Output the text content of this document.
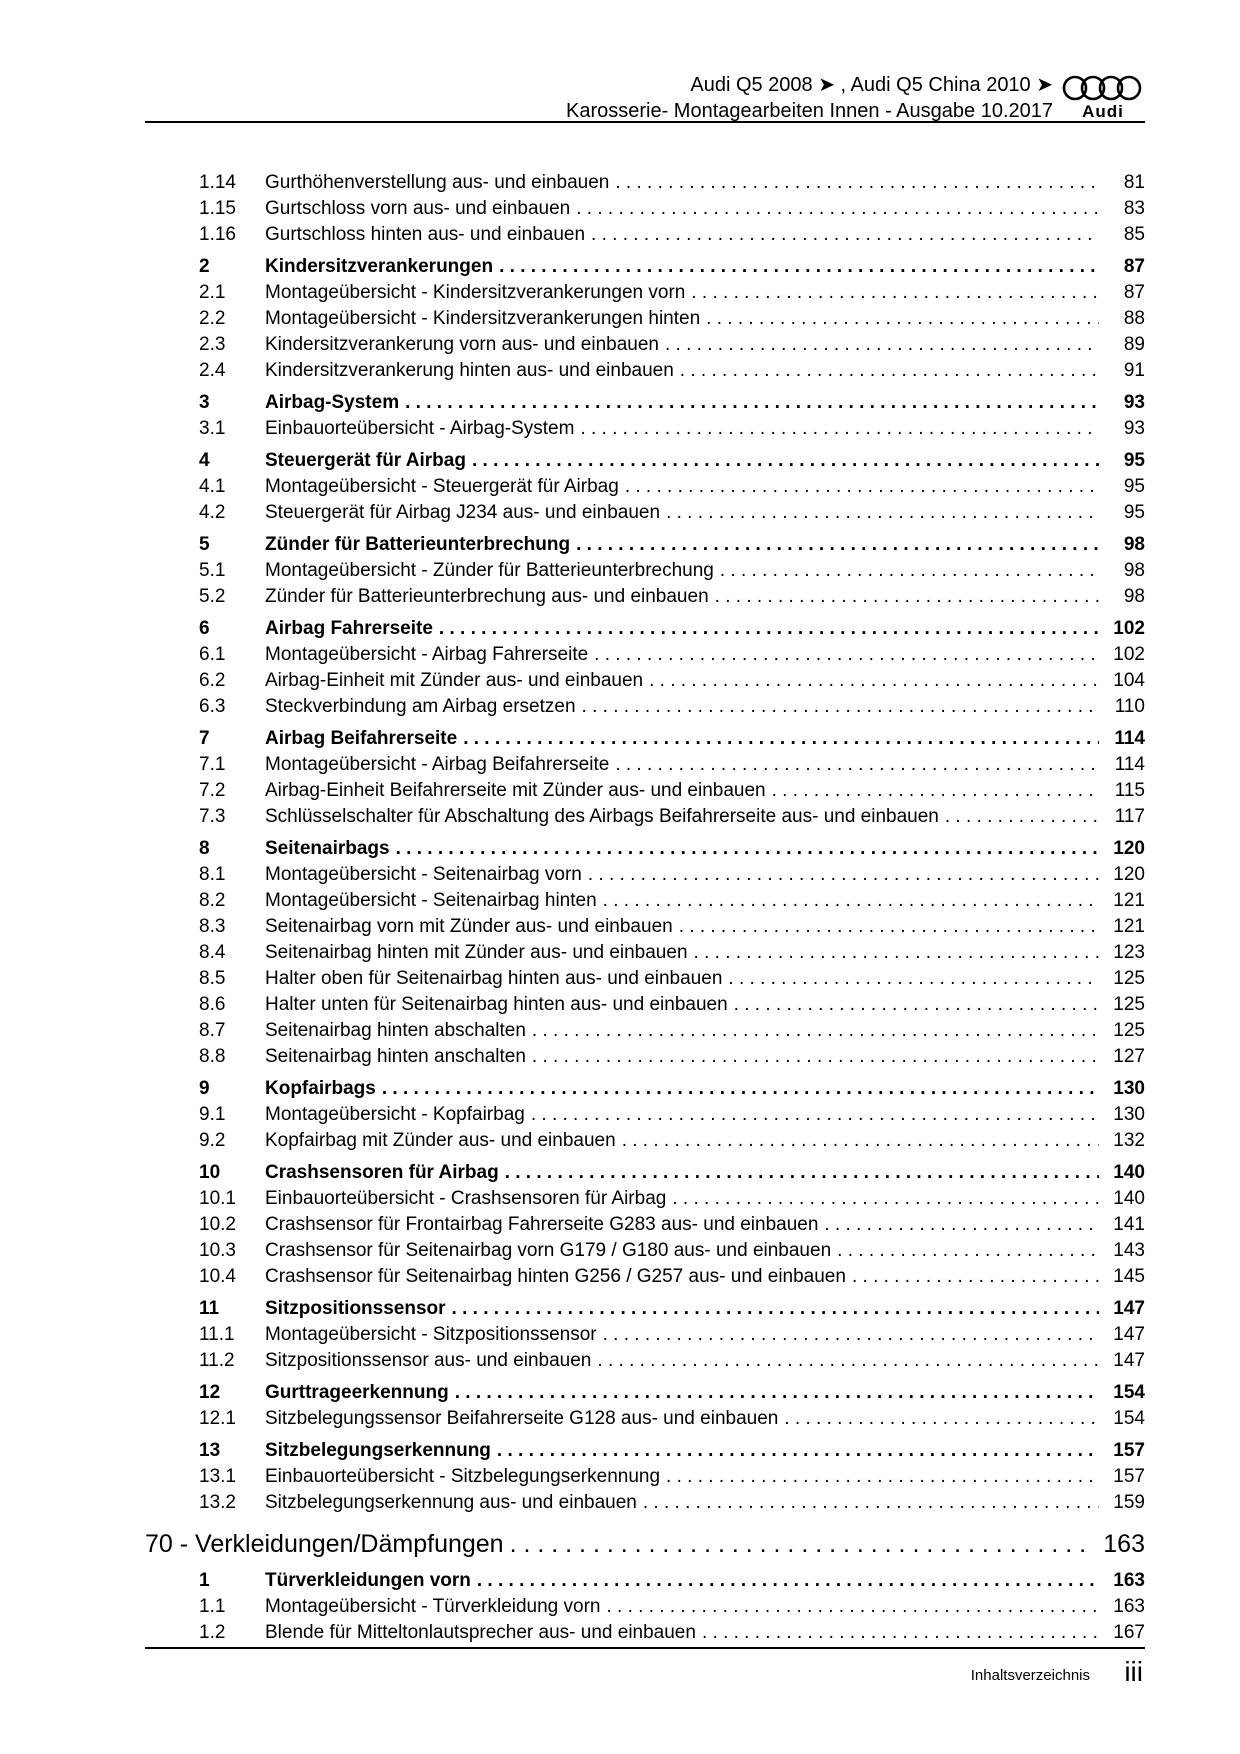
Audi Q5 2008 ➤ , Audi Q5 China 2010 ➤
Karosserie- Montagearbeiten Innen - Ausgabe 10.2017	Audi
1.14 Gurthöhenverstellung aus- und einbauen . . .	81
1.15 Gurtschloss vorn aus- und einbauen . . .	83
1.16 Gurtschloss hinten aus- und einbauen . . .	85
2	Kindersitzverankerungen . . .	87
2.1 Montageübersicht - Kindersitzverankerungen vorn . . .	87
2.2 Montageübersicht - Kindersitzverankerungen hinten . . .	88
2.3 Kindersitzverankerung vorn aus- und einbauen . . .	89
2.4 Kindersitzverankerung hinten aus- und einbauen . . .	91
3	Airbag-System . . .	93
3.1 Einbauorteübersicht - Airbag-System . . .	93
4	Steuergerät für Airbag . . .	95
4.1 Montageübersicht - Steuergerät für Airbag . . .	95
4.2 Steuergerät für Airbag J234 aus- und einbauen . . .	95
5	Zünder für Batterieunterbrechung . . .	98
5.1 Montageübersicht - Zünder für Batterieunterbrechung . . .	98
5.2 Zünder für Batterieunterbrechung aus- und einbauen . . .	98
6	Airbag Fahrerseite . . .	102
6.1 Montageübersicht - Airbag Fahrerseite . . .	102
6.2 Airbag-Einheit mit Zünder aus- und einbauen . . .	104
6.3 Steckverbindung am Airbag ersetzen . . .	110
7	Airbag Beifahrerseite . . .	114
7.1 Montageübersicht - Airbag Beifahrerseite . . .	114
7.2 Airbag-Einheit Beifahrerseite mit Zünder aus- und einbauen . . .	115
7.3 Schlüsselschalter für Abschaltung des Airbags Beifahrerseite aus- und einbauen . . .	117
8	Seitenairbags . . .	120
8.1 Montageübersicht - Seitenairbag vorn . . .	120
8.2 Montageübersicht - Seitenairbag hinten . . .	121
8.3 Seitenairbag vorn mit Zünder aus- und einbauen . . .	121
8.4 Seitenairbag hinten mit Zünder aus- und einbauen . . .	123
8.5 Halter oben für Seitenairbag hinten aus- und einbauen . . .	125
8.6 Halter unten für Seitenairbag hinten aus- und einbauen . . .	125
8.7 Seitenairbag hinten abschalten . . .	125
8.8 Seitenairbag hinten anschalten . . .	127
9	Kopfairbags . . .	130
9.1 Montageübersicht - Kopfairbag . . .	130
9.2 Kopfairbag mit Zünder aus- und einbauen . . .	132
10 Crashsensoren für Airbag . . .	140
10.1 Einbauorteübersicht - Crashsensoren für Airbag . . .	140
10.2 Crashsensor für Frontairbag Fahrerseite G283 aus- und einbauen . . .	141
10.3 Crashsensor für Seitenairbag vorn G179 / G180 aus- und einbauen . . .	143
10.4 Crashsensor für Seitenairbag hinten G256 / G257 aus- und einbauen . . .	145
11 Sitzpositionssensor . . .	147
11.1 Montageübersicht - Sitzpositionssensor . . .	147
11.2 Sitzpositionssensor aus- und einbauen . . .	147
12 Gurttrageerkennung . . .	154
12.1 Sitzbelegungssensor Beifahrerseite G128 aus- und einbauen . . .	154
13 Sitzbelegungserkennung . . .	157
13.1 Einbauorteübersicht - Sitzbelegungserkennung . . .	157
13.2 Sitzbelegungserkennung aus- und einbauen . . .	159
70 - Verkleidungen/Dämpfungen . . .	163
1	Türverkleidungen vorn . . .	163
1.1 Montageübersicht - Türverkleidung vorn . . .	163
1.2 Blende für Mitteltonlautsprecher aus- und einbauen . . .	167
Inhaltsverzeichnis iii
